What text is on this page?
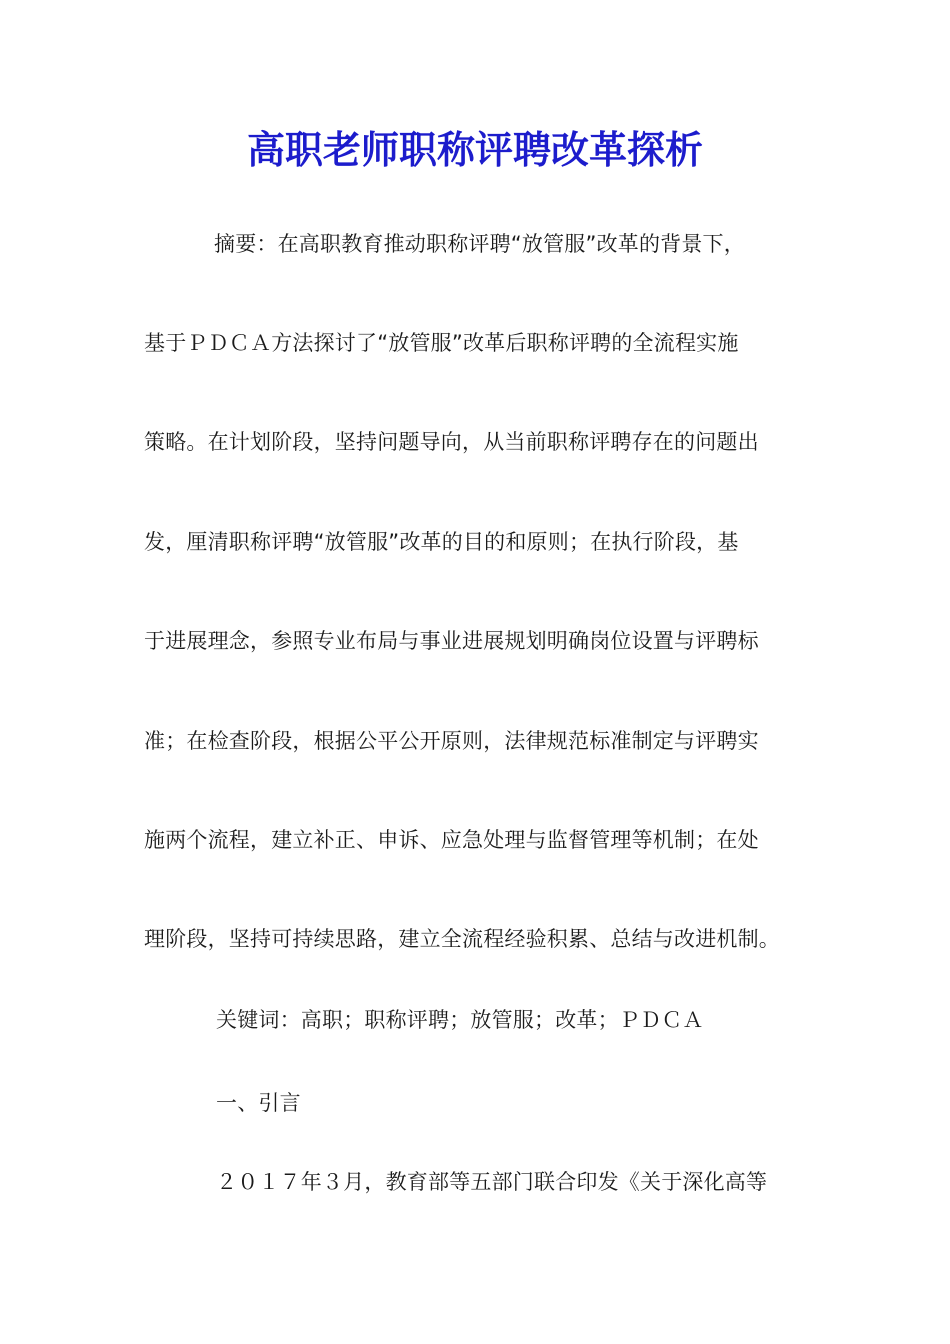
高职老师职称评聘改革探析

摘要：在高职教育推动职称评聘“放管服”改革的背景下，

基于ＰＤＣＡ方法探讨了“放管服”改革后职称评聘的全流程实施

策略。在计划阶段，坚持问题导向，从当前职称评聘存在的问题出

发，厘清职称评聘“放管服”改革的目的和原则；在执行阶段，基

于进展理念，参照专业布局与事业进展规划明确岗位设置与评聘标

准；在检查阶段，根据公平公开原则，法律规范标准制定与评聘实

施两个流程，建立补正、申诉、应急处理与监督管理等机制；在处

理阶段，坚持可持续思路，建立全流程经验积累、总结与改进机制。

关键词：高职；职称评聘；放管服；改革；ＰＤＣＡ

一、引言

２０１７年３月，教育部等五部门联合印发《关于深化高等
